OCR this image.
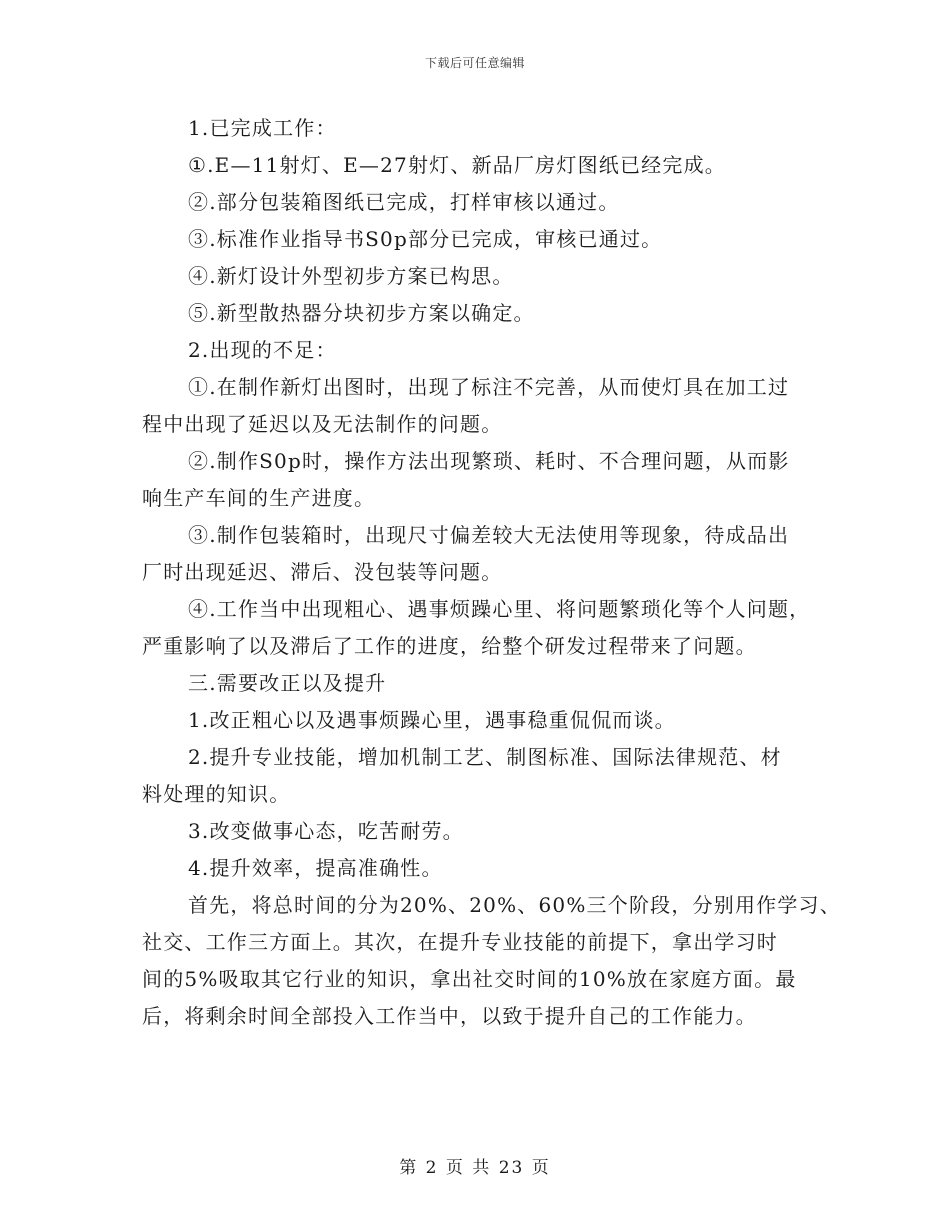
下载后可任意编辑

1.已完成工作：

①.E—11射灯、E—27射灯、新品厂房灯图纸已经完成。

②.部分包装箱图纸已完成，打样审核以通过。

③.标准作业指导书S0p部分已完成，审核已通过。

④.新灯设计外型初步方案已构思。

⑤.新型散热器分块初步方案以确定。

2.出现的不足：

①.在制作新灯出图时，出现了标注不完善，从而使灯具在加工过

程中出现了延迟以及无法制作的问题。

②.制作S0p时，操作方法出现繁琐、耗时、不合理问题，从而影

响生产车间的生产进度。

③.制作包装箱时，出现尺寸偏差较大无法使用等现象，待成品出

厂时出现延迟、滞后、没包装等问题。

④.工作当中出现粗心、遇事烦躁心里、将问题繁琐化等个人问题，

严重影响了以及滞后了工作的进度，给整个研发过程带来了问题。

三.需要改正以及提升

1.改正粗心以及遇事烦躁心里，遇事稳重侃侃而谈。

2.提升专业技能，增加机制工艺、制图标准、国际法律规范、材

料处理的知识。

3.改变做事心态，吃苦耐劳。

4.提升效率，提高准确性。

首先，将总时间的分为20%、20%、60%三个阶段，分别用作学习、

社交、工作三方面上。其次，在提升专业技能的前提下，拿出学习时

间的5%吸取其它行业的知识，拿出社交时间的10%放在家庭方面。最

后，将剩余时间全部投入工作当中，以致于提升自己的工作能力。

第 2 页 共 23 页
